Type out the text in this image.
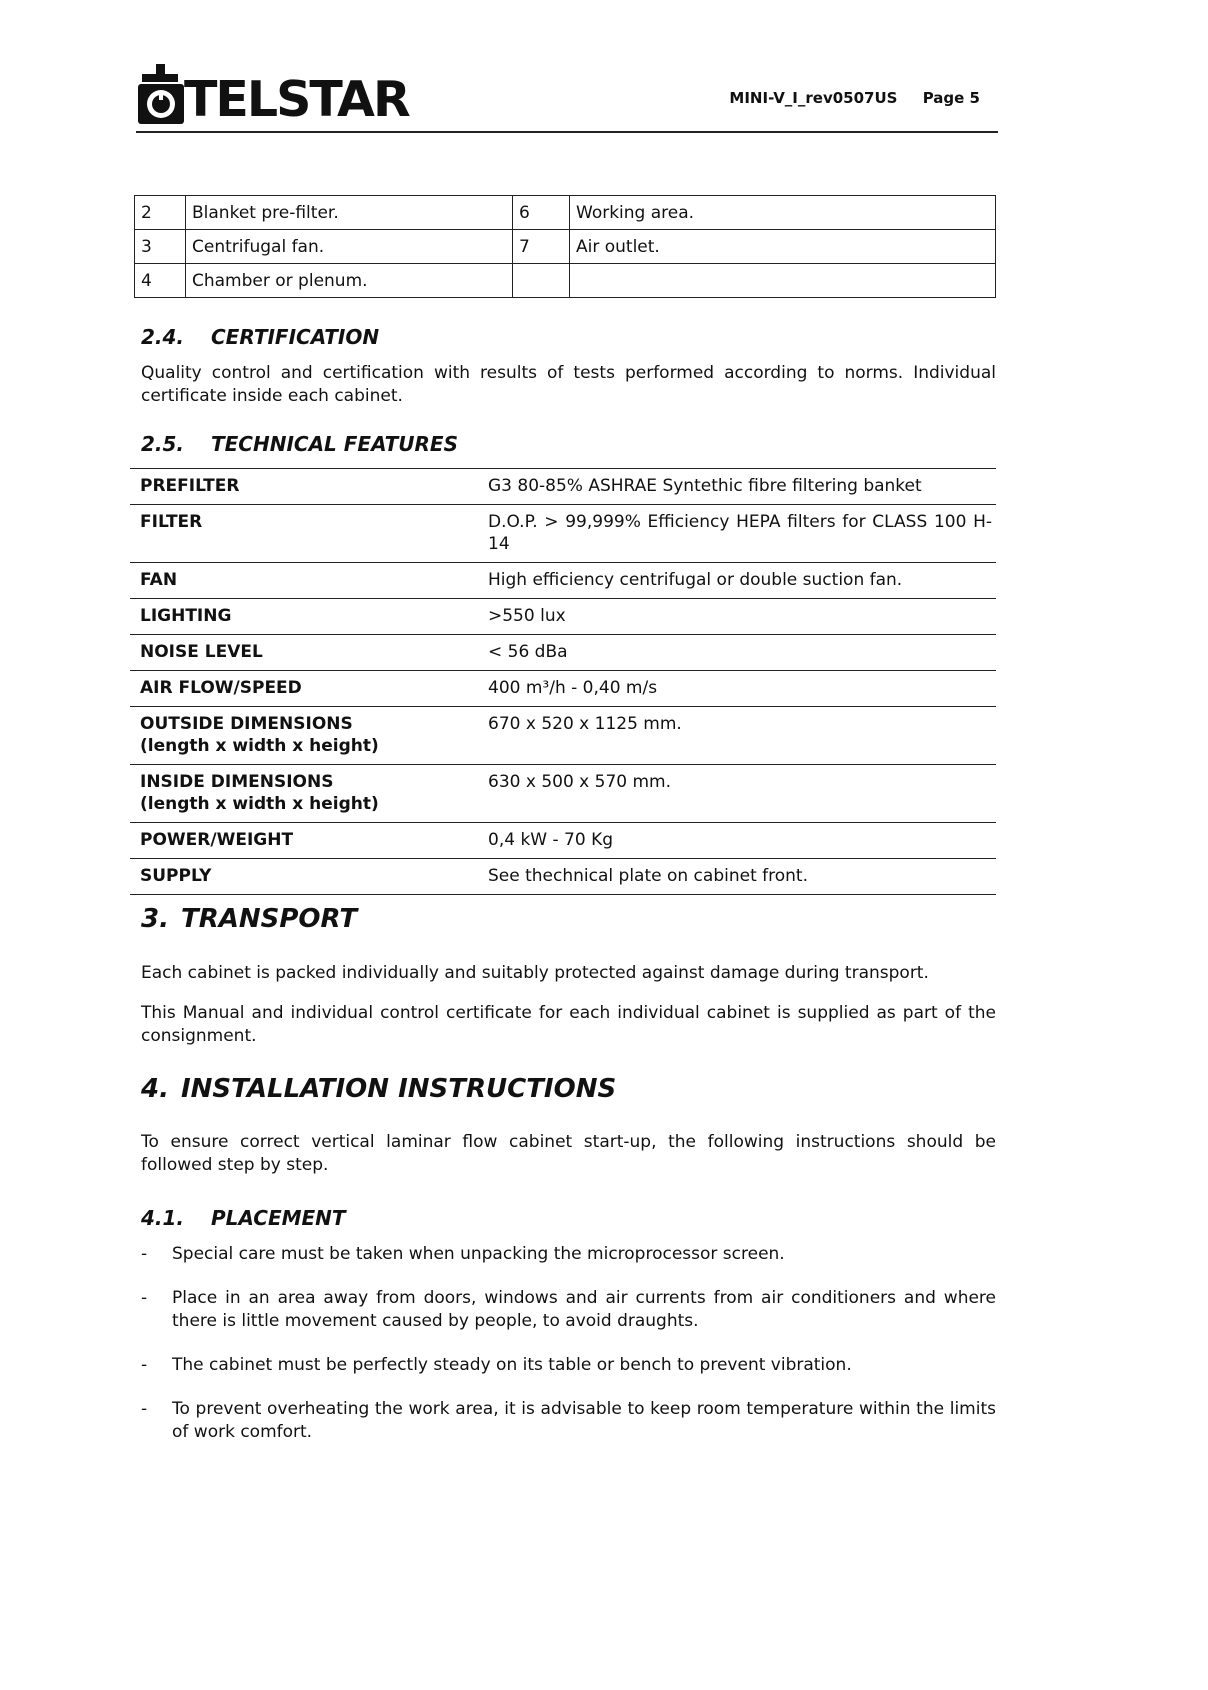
TELSTAR	MINI-V_I_rev0507US Page 5
2	Blanket pre-filter.	6	Working area.
3	Centrifugal fan.	7	Air outlet.
4	Chamber or plenum.		
2.4. CERTIFICATION
Quality control and certification with results of tests performed according to norms. Individual certificate inside each cabinet.
2.5. TECHNICAL FEATURES
PREFILTER	G3 80-85% ASHRAE Syntethic fibre filtering banket
FILTER	D.O.P. > 99,999% Efficiency HEPA filters for CLASS 100 H-14
FAN	High efficiency centrifugal or double suction fan.
LIGHTING	>550 lux
NOISE LEVEL	< 56 dBa
AIR FLOW/SPEED	400 m³/h - 0,40 m/s

OUTSIDE DIMENSIONS
(length x width x height)	670 x 520 x 1125 mm.

INSIDE DIMENSIONS
(length x width x height)	630 x 500 x 570 mm.
POWER/WEIGHT	0,4 kW - 70 Kg
SUPPLY	See thechnical plate on cabinet front.
3. TRANSPORT
Each cabinet is packed individually and suitably protected against damage during transport.
This Manual and individual control certificate for each individual cabinet is supplied as part of the consignment.
4. INSTALLATION INSTRUCTIONS
To ensure correct vertical laminar flow cabinet start-up, the following instructions should be followed step by step.
4.1. PLACEMENT
- Special care must be taken when unpacking the microprocessor screen.
- Place in an area away from doors, windows and air currents from air conditioners and where there is little movement caused by people, to avoid draughts.
- The cabinet must be perfectly steady on its table or bench to prevent vibration.
- To prevent overheating the work area, it is advisable to keep room temperature within the limits of work comfort.
